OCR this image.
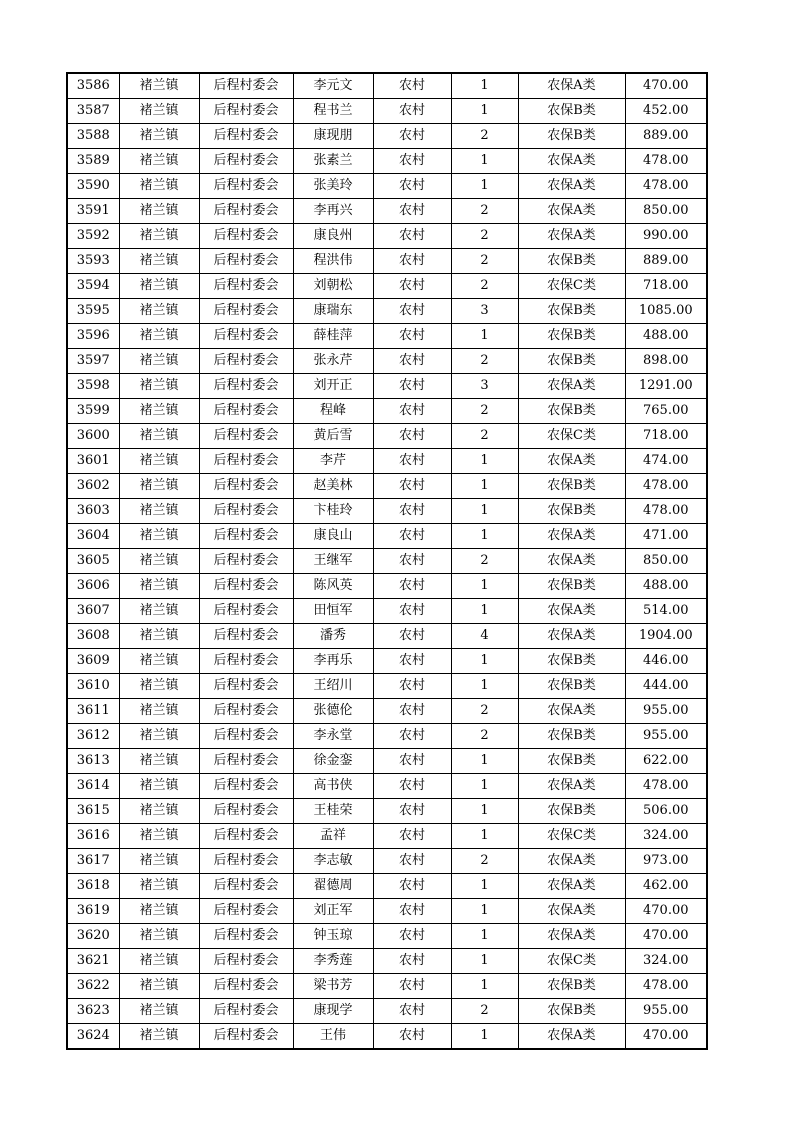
3586	褚兰镇	后程村委会	李元文	农村	1	农保A类	470.00
3587	褚兰镇	后程村委会	程书兰	农村	1	农保B类	452.00
3588	褚兰镇	后程村委会	康现朋	农村	2	农保B类	889.00
3589	褚兰镇	后程村委会	张素兰	农村	1	农保A类	478.00
3590	褚兰镇	后程村委会	张美玲	农村	1	农保A类	478.00
3591	褚兰镇	后程村委会	李再兴	农村	2	农保A类	850.00
3592	褚兰镇	后程村委会	康良州	农村	2	农保A类	990.00
3593	褚兰镇	后程村委会	程洪伟	农村	2	农保B类	889.00
3594	褚兰镇	后程村委会	刘朝松	农村	2	农保C类	718.00
3595	褚兰镇	后程村委会	康瑞东	农村	3	农保B类	1085.00
3596	褚兰镇	后程村委会	薛桂萍	农村	1	农保B类	488.00
3597	褚兰镇	后程村委会	张永芹	农村	2	农保B类	898.00
3598	褚兰镇	后程村委会	刘开正	农村	3	农保A类	1291.00
3599	褚兰镇	后程村委会	程峰	农村	2	农保B类	765.00
3600	褚兰镇	后程村委会	黄后雪	农村	2	农保C类	718.00
3601	褚兰镇	后程村委会	李芹	农村	1	农保A类	474.00
3602	褚兰镇	后程村委会	赵美林	农村	1	农保B类	478.00
3603	褚兰镇	后程村委会	卞桂玲	农村	1	农保B类	478.00
3604	褚兰镇	后程村委会	康良山	农村	1	农保A类	471.00
3605	褚兰镇	后程村委会	王继军	农村	2	农保A类	850.00
3606	褚兰镇	后程村委会	陈风英	农村	1	农保B类	488.00
3607	褚兰镇	后程村委会	田恒军	农村	1	农保A类	514.00
3608	褚兰镇	后程村委会	潘秀	农村	4	农保A类	1904.00
3609	褚兰镇	后程村委会	李再乐	农村	1	农保B类	446.00
3610	褚兰镇	后程村委会	王绍川	农村	1	农保B类	444.00
3611	褚兰镇	后程村委会	张德伦	农村	2	农保A类	955.00
3612	褚兰镇	后程村委会	李永堂	农村	2	农保B类	955.00
3613	褚兰镇	后程村委会	徐金銮	农村	1	农保B类	622.00
3614	褚兰镇	后程村委会	高书侠	农村	1	农保A类	478.00
3615	褚兰镇	后程村委会	王桂荣	农村	1	农保B类	506.00
3616	褚兰镇	后程村委会	孟祥	农村	1	农保C类	324.00
3617	褚兰镇	后程村委会	李志敏	农村	2	农保A类	973.00
3618	褚兰镇	后程村委会	翟德周	农村	1	农保A类	462.00
3619	褚兰镇	后程村委会	刘正军	农村	1	农保A类	470.00
3620	褚兰镇	后程村委会	钟玉琼	农村	1	农保A类	470.00
3621	褚兰镇	后程村委会	李秀莲	农村	1	农保C类	324.00
3622	褚兰镇	后程村委会	梁书芳	农村	1	农保B类	478.00
3623	褚兰镇	后程村委会	康现学	农村	2	农保B类	955.00
3624	褚兰镇	后程村委会	王伟	农村	1	农保A类	470.00
